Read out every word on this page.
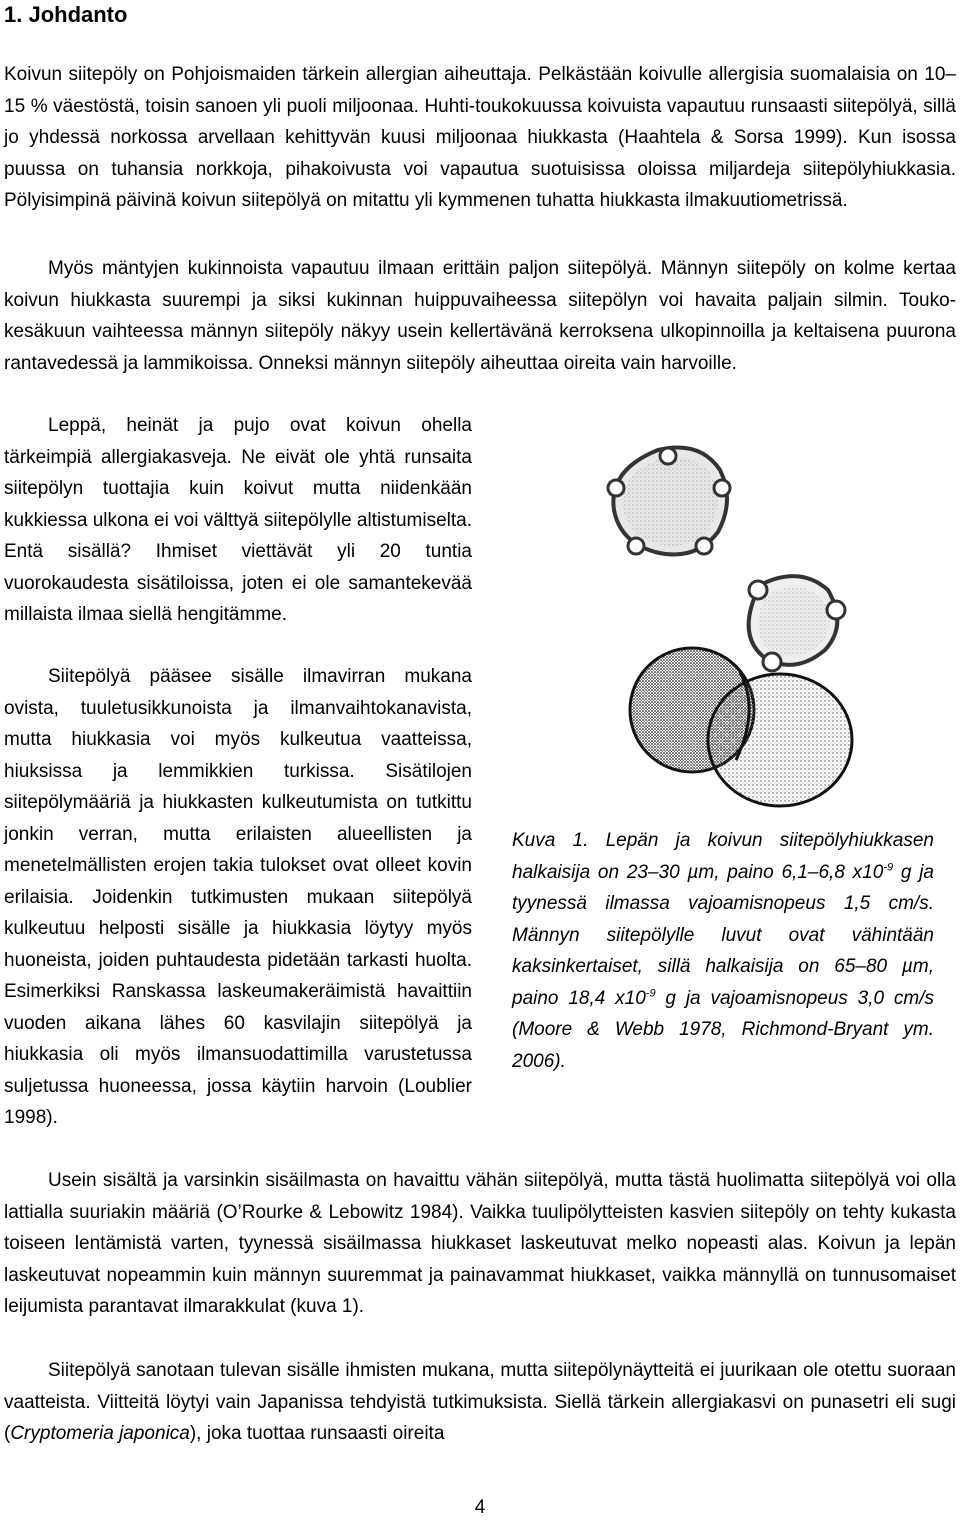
1. Johdanto

Koivun siitepöly on Pohjoismaiden tärkein allergian aiheuttaja. Pelkästään koivulle allergisia suomalaisia on 10–15 % väestöstä, toisin sanoen yli puoli miljoonaa. Huhti-toukokuussa koivuista vapautuu runsaasti siitepölyä, sillä jo yhdessä norkossa arvellaan kehittyvän kuusi miljoonaa hiukkasta (Haahtela & Sorsa 1999). Kun isossa puussa on tuhansia norkkoja, pihakoivusta voi vapautua suotuisissa oloissa miljardeja siitepölyhiukkasia. Pölyisimpinä päivinä koivun siitepölyä on mitattu yli kymmenen tuhatta hiukkasta ilmakuutiometrissä.

Myös mäntyjen kukinnoista vapautuu ilmaan erittäin paljon siitepölyä. Männyn siitepöly on kolme kertaa koivun hiukkasta suurempi ja siksi kukinnan huippuvaiheessa siitepölyn voi havaita paljain silmin. Touko-kesäkuun vaihteessa männyn siitepöly näkyy usein kellertävänä kerroksena ulkopinnoilla ja keltaisena puurona rantavedessä ja lammikoissa. Onneksi männyn siitepöly aiheuttaa oireita vain harvoille.

Leppä, heinät ja pujo ovat koivun ohella tärkeimpiä allergiakasveja. Ne eivät ole yhtä runsaita siitepölyn tuottajia kuin koivut mutta niidenkään kukkiessa ulkona ei voi välttyä siitepölylle altistumiselta. Entä sisällä? Ihmiset viettävät yli 20 tuntia vuorokaudesta sisätiloissa, joten ei ole samantekevää millaista ilmaa siellä hengitämme.

Siitepölyä pääsee sisälle ilmavirran mukana ovista, tuuletusikkunoista ja ilmanvaihtokanavista, mutta hiukkasia voi myös kulkeutua vaatteissa, hiuksissa ja lemmikkien turkissa. Sisätilojen siitepölymääriä ja hiukkasten kulkeutumista on tutkittu jonkin verran, mutta erilaisten alueellisten ja menetelmällisten erojen takia tulokset ovat olleet kovin erilaisia. Joidenkin tutkimusten mukaan siitepölyä kulkeutuu helposti sisälle ja hiukkasia löytyy myös huoneista, joiden puhtaudesta pidetään tarkasti huolta. Esimerkiksi Ranskassa laskeumakeräimistä havaittiin vuoden aikana lähes 60 kasvilajin siitepölyä ja hiukkasia oli myös ilmansuodattimilla varustetussa suljetussa huoneessa, jossa käytiin harvoin (Loublier 1998).

Kuva 1. Lepän ja koivun siitepölyhiukkasen halkaisija on 23–30 µm, paino 6,1–6,8 $x10^{-9}$ g ja tyynessä ilmassa vajoamisnopeus 1,5 cm/s. Männyn siitepölylle luvut ovat vähintään kaksinkertaiset, sillä halkaisija on 65–80 µm, paino 18,4 $x10^{-9}$ g ja vajoamisnopeus 3,0 cm/s (Moore & Webb 1978, Richmond-Bryant ym. 2006).

Usein sisältä ja varsinkin sisäilmasta on havaittu vähän siitepölyä, mutta tästä huolimatta siitepölyä voi olla lattialla suuriakin määriä (O’Rourke & Lebowitz 1984). Vaikka tuulipölytteisten kasvien siitepöly on tehty kukasta toiseen lentämistä varten, tyynessä sisäilmassa hiukkaset laskeutuvat melko nopeasti alas. Koivun ja lepän laskeutuvat nopeammin kuin männyn suuremmat ja painavammat hiukkaset, vaikka männyllä on tunnusomaiset leijumista parantavat ilmarakkulat (kuva 1).

Siitepölyä sanotaan tulevan sisälle ihmisten mukana, mutta siitepölynäytteitä ei juurikaan ole otettu suoraan vaatteista. Viitteitä löytyi vain Japanissa tehdyistä tutkimuksista. Siellä tärkein allergiakasvi on punasetri eli sugi (Cryptomeria japonica), joka tuottaa runsaasti oireita

4
